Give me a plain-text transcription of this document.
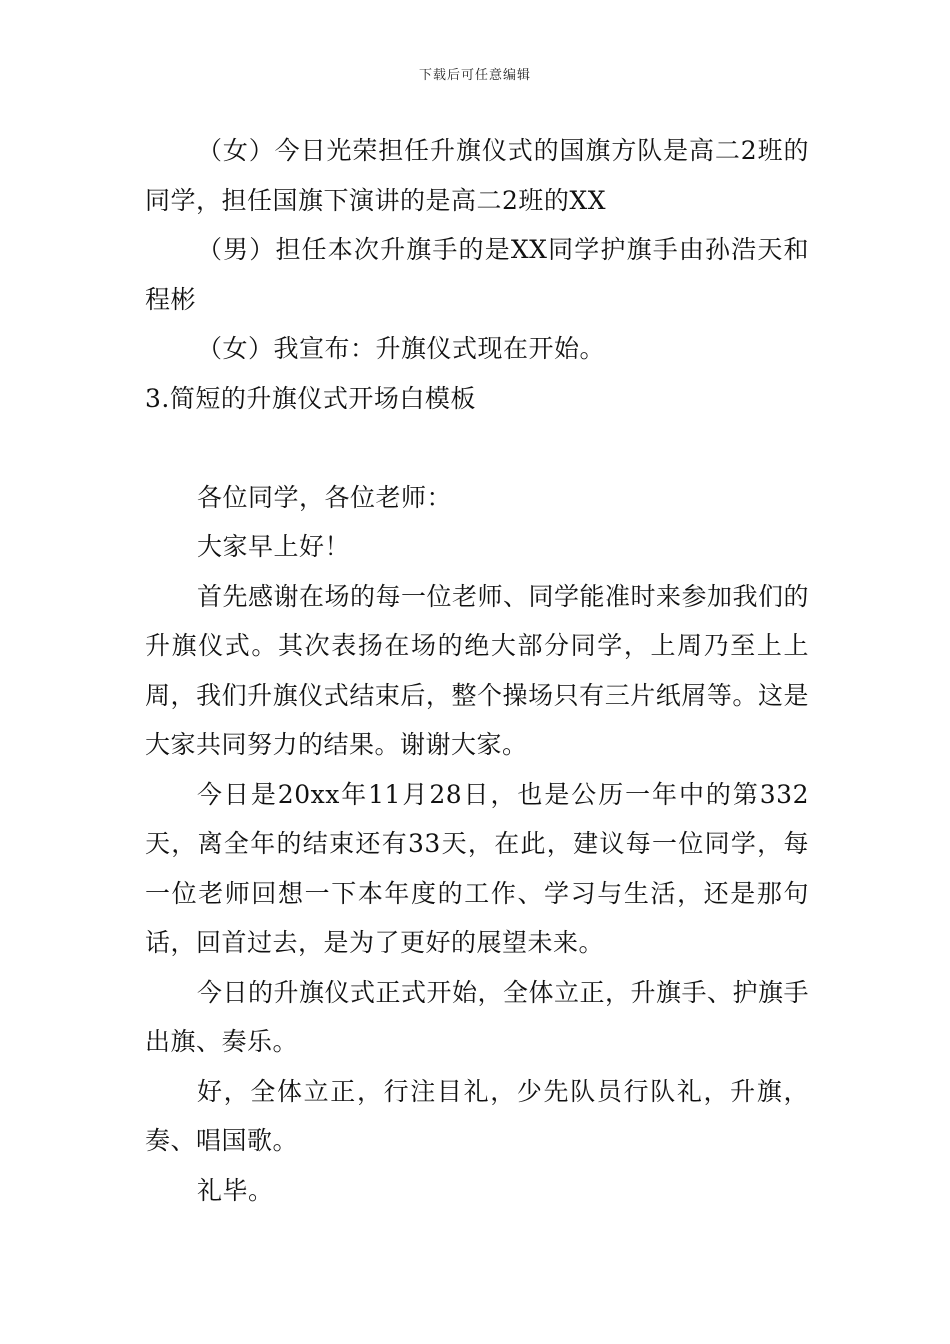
下载后可任意编辑

（女）今日光荣担任升旗仪式的国旗方队是高二2班的同学，担任国旗下演讲的是高二2班的XX

（男）担任本次升旗手的是XX同学护旗手由孙浩天和程彬

（女）我宣布：升旗仪式现在开始。

3.简短的升旗仪式开场白模板

各位同学，各位老师：

大家早上好！

首先感谢在场的每一位老师、同学能准时来参加我们的升旗仪式。其次表扬在场的绝大部分同学，上周乃至上上周，我们升旗仪式结束后，整个操场只有三片纸屑等。这是大家共同努力的结果。谢谢大家。

今日是20xx年11月28日，也是公历一年中的第332天，离全年的结束还有33天，在此，建议每一位同学，每一位老师回想一下本年度的工作、学习与生活，还是那句话，回首过去，是为了更好的展望未来。

今日的升旗仪式正式开始，全体立正，升旗手、护旗手出旗、奏乐。

好，全体立正，行注目礼，少先队员行队礼，升旗，奏、唱国歌。

礼毕。
